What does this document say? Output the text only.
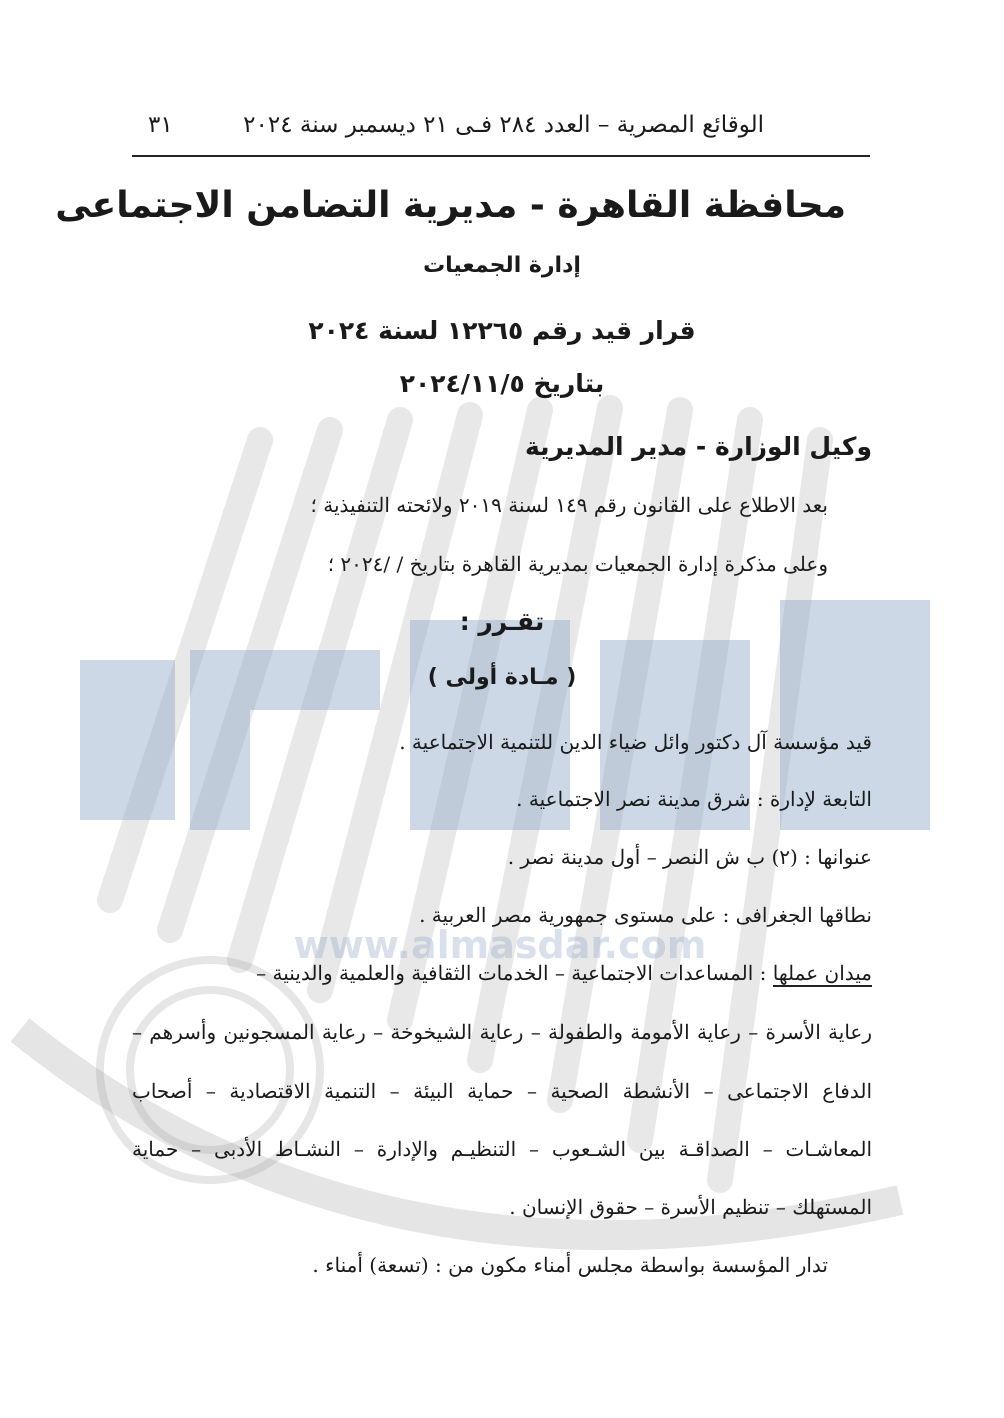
www.almasdar.com
الوقائع المصرية – العدد ٢٨٤ فـى ٢١ ديسمبر سنة ٢٠٢٤
٣١
محافظة القاهرة - مديرية التضامن الاجتماعى
إدارة الجمعيات
قرار قيد رقم ١٢٢٦٥ لسنة ٢٠٢٤
بتاريخ ٢٠٢٤/١١/٥
وكيل الوزارة - مدير المديرية
بعد الاطلاع على القانون رقم ١٤٩ لسنة ٢٠١٩ ولائحته التنفيذية ؛
وعلى مذكرة إدارة الجمعيات بمديرية القاهرة بتاريخ / /٢٠٢٤ ؛
تقـرر :
( مـادة أولى )
قيد مؤسسة آل دكتور وائل ضياء الدين للتنمية الاجتماعية .
التابعة لإدارة : شرق مدينة نصر الاجتماعية .
عنوانها : (٢) ب ش النصر – أول مدينة نصر .
نطاقها الجغرافى : على مستوى جمهورية مصر العربية .
ميدان عملها : المساعدات الاجتماعية – الخدمات الثقافية والعلمية والدينية –
رعاية الأسرة – رعاية الأمومة والطفولة – رعاية الشيخوخة – رعاية المسجونين وأسرهم –
الدفاع الاجتماعى – الأنشطة الصحية – حماية البيئة – التنمية الاقتصادية – أصحاب
المعاشـات – الصداقـة بين الشـعوب – التنظيـم والإدارة – النشـاط الأدبى – حماية
المستهلك – تنظيم الأسرة – حقوق الإنسان .
تدار المؤسسة بواسطة مجلس أمناء مكون من : (تسعة) أمناء .
